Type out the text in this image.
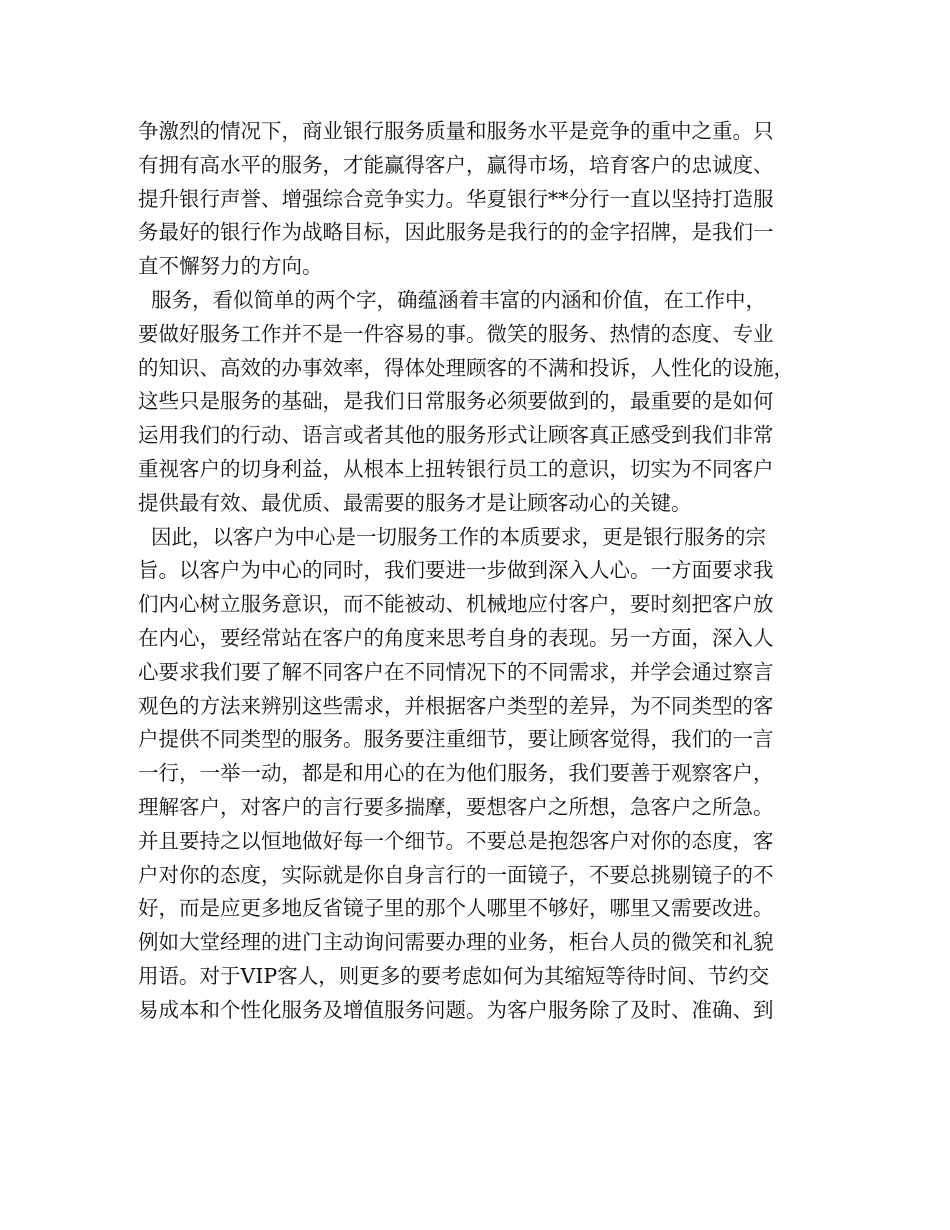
争激烈的情况下，商业银行服务质量和服务水平是竞争的重中之重。只
有拥有高水平的服务，才能赢得客户，赢得市场，培育客户的忠诚度、
提升银行声誉、增强综合竞争实力。华夏银行**分行一直以坚持打造服
务最好的银行作为战略目标，因此服务是我行的的金字招牌，是我们一
直不懈努力的方向。
服务，看似简单的两个字，确蕴涵着丰富的内涵和价值，在工作中，
要做好服务工作并不是一件容易的事。微笑的服务、热情的态度、专业
的知识、高效的办事效率，得体处理顾客的不满和投诉，人性化的设施，
这些只是服务的基础，是我们日常服务必须要做到的，最重要的是如何
运用我们的行动、语言或者其他的服务形式让顾客真正感受到我们非常
重视客户的切身利益，从根本上扭转银行员工的意识，切实为不同客户
提供最有效、最优质、最需要的服务才是让顾客动心的关键。
因此，以客户为中心是一切服务工作的本质要求，更是银行服务的宗
旨。以客户为中心的同时，我们要进一步做到深入人心。一方面要求我
们内心树立服务意识，而不能被动、机械地应付客户，要时刻把客户放
在内心，要经常站在客户的角度来思考自身的表现。另一方面，深入人
心要求我们要了解不同客户在不同情况下的不同需求，并学会通过察言
观色的方法来辨别这些需求，并根据客户类型的差异，为不同类型的客
户提供不同类型的服务。服务要注重细节，要让顾客觉得，我们的一言
一行，一举一动，都是和用心的在为他们服务，我们要善于观察客户，
理解客户，对客户的言行要多揣摩，要想客户之所想，急客户之所急。
并且要持之以恒地做好每一个细节。不要总是抱怨客户对你的态度，客
户对你的态度，实际就是你自身言行的一面镜子，不要总挑剔镜子的不
好，而是应更多地反省镜子里的那个人哪里不够好，哪里又需要改进。
例如大堂经理的进门主动询问需要办理的业务，柜台人员的微笑和礼貌
用语。对于VIP客人，则更多的要考虑如何为其缩短等待时间、节约交
易成本和个性化服务及增值服务问题。为客户服务除了及时、准确、到
